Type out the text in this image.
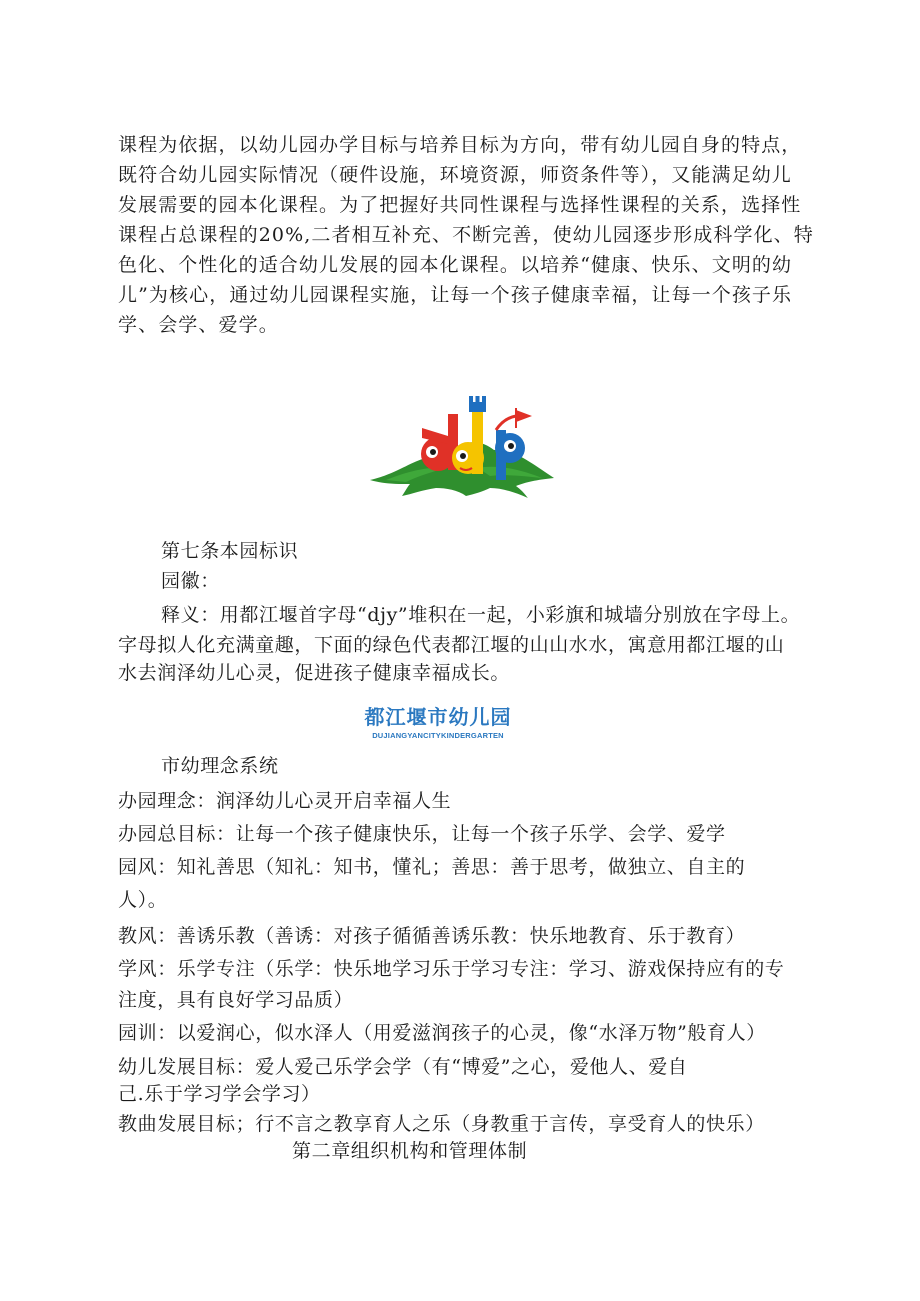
课程为依据，以幼儿园办学目标与培养目标为方向，带有幼儿园自身的特点，
既符合幼儿园实际情况（硬件设施，环境资源，师资条件等），又能满足幼儿
发展需要的园本化课程。为了把握好共同性课程与选择性课程的关系，选择性
课程占总课程的20%,二者相互补充、不断完善，使幼儿园逐步形成科学化、特
色化、个性化的适合幼儿发展的园本化课程。以培养“健康、快乐、文明的幼
儿”为核心，通过幼儿园课程实施，让每一个孩子健康幸福，让每一个孩子乐
学、会学、爱学。
第七条本园标识
园徽：
释义：用都江堰首字母“djy”堆积在一起，小彩旗和城墙分别放在字母上。
字母拟人化充满童趣，下面的绿色代表都江堰的山山水水，寓意用都江堰的山
水去润泽幼儿心灵，促进孩子健康幸福成长。
都江堰市幼儿园
DUJIANGYANCITYKINDERGARTEN
市幼理念系统
办园理念：润泽幼儿心灵开启幸福人生
办园总目标：让每一个孩子健康快乐，让每一个孩子乐学、会学、爱学
园风：知礼善思（知礼：知书，懂礼；善思：善于思考，做独立、自主的
人）。
教风：善诱乐教（善诱：对孩子循循善诱乐教：快乐地教育、乐于教育）
学风：乐学专注（乐学：快乐地学习乐于学习专注：学习、游戏保持应有的专
注度，具有良好学习品质）
园训：以爱润心，似水泽人（用爱滋润孩子的心灵，像“水泽万物”般育人）
幼儿发展目标：爱人爱己乐学会学（有“博爱”之心，爱他人、爱自
己.乐于学习学会学习）
教曲发展目标；行不言之教享育人之乐（身教重于言传，享受育人的快乐）
第二章组织机构和管理体制
